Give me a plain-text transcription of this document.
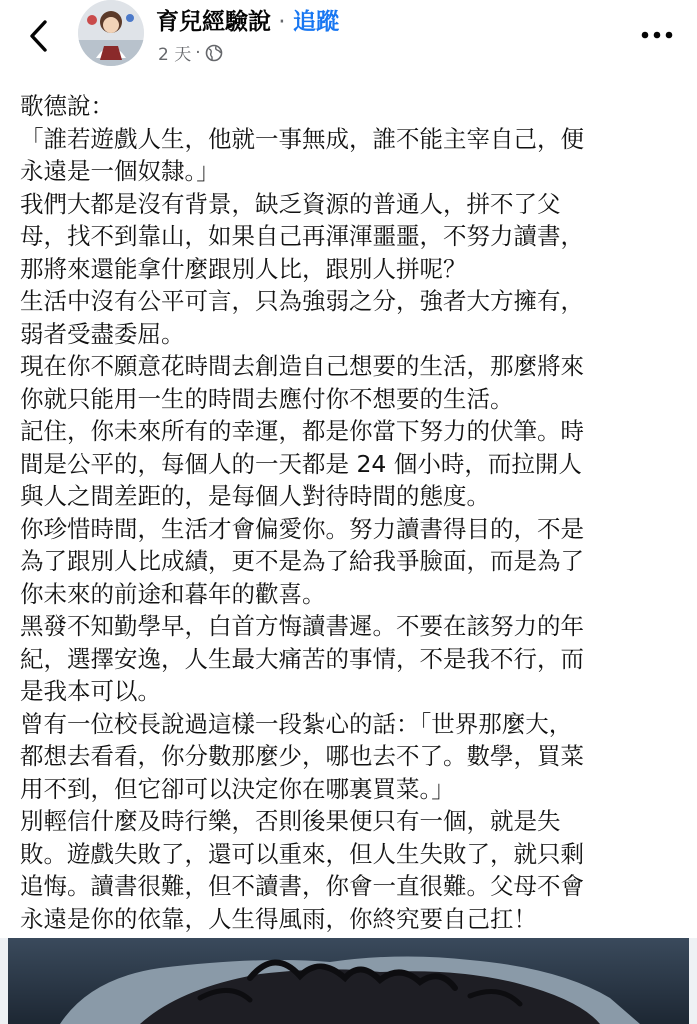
育兒經驗說 · 追蹤
2 天 ·

歌德說：

「誰若遊戲人生，他就一事無成，誰不能主宰自己，便

永遠是一個奴隸。」

我們大都是沒有背景，缺乏資源的普通人，拼不了父

母，找不到靠山，如果自己再渾渾噩噩，不努力讀書，

那將來還能拿什麼跟別人比，跟別人拼呢？

生活中沒有公平可言，只為強弱之分，強者大方擁有，

弱者受盡委屈。

現在你不願意花時間去創造自己想要的生活，那麼將來

你就只能用一生的時間去應付你不想要的生活。

記住，你未來所有的幸運，都是你當下努力的伏筆。時

間是公平的，每個人的一天都是 24 個小時，而拉開人

與人之間差距的，是每個人對待時間的態度。

你珍惜時間，生活才會偏愛你。努力讀書得目的，不是

為了跟別人比成績，更不是為了給我爭臉面，而是為了

你未來的前途和暮年的歡喜。

黑發不知勤學早，白首方悔讀書遲。不要在該努力的年

紀，選擇安逸，人生最大痛苦的事情，不是我不行，而

是我本可以。

曾有一位校長說過這樣一段紮心的話：「世界那麼大，

都想去看看，你分數那麼少，哪也去不了。數學，買菜

用不到，但它卻可以決定你在哪裏買菜。」

別輕信什麼及時行樂，否則後果便只有一個，就是失

敗。遊戲失敗了，還可以重來，但人生失敗了，就只剩

追悔。讀書很難，但不讀書，你會一直很難。父母不會

永遠是你的依靠，人生得風雨，你終究要自己扛！
